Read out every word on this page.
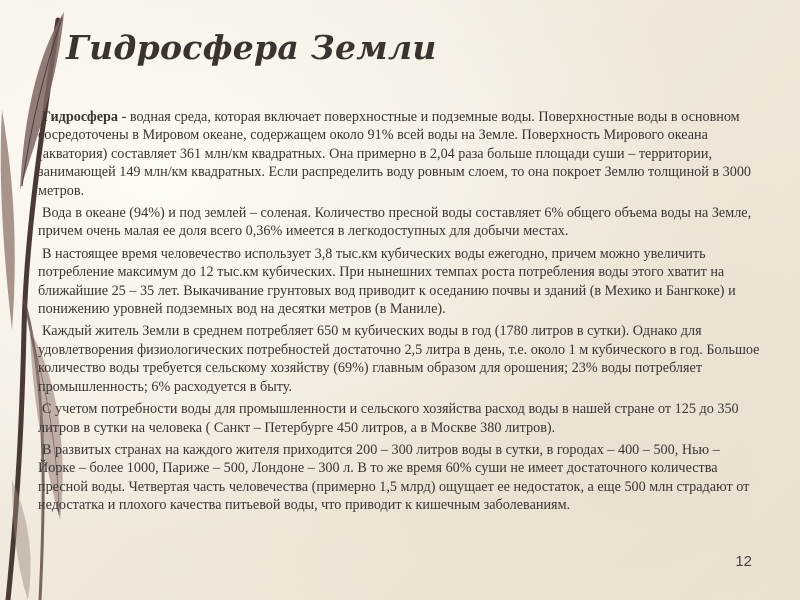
Гидросфера Земли

Гидросфера - водная среда, которая включает поверхностные и подземные воды. Поверхностные воды в основном сосредоточены в Мировом океане, содержащем около 91% всей воды на Земле. Поверхность Мирового океана (акватория) составляет 361 млн/км квадратных. Она примерно в 2,04 раза больше площади суши – территории, занимающей 149 млн/км квадратных. Если распределить воду ровным слоем, то она покроет Землю толщиной в 3000 метров.

Вода в океане (94%) и под землей – соленая. Количество пресной воды составляет 6% общего объема воды на Земле, причем очень малая ее доля всего 0,36% имеется в легкодоступных для добычи местах.

В настоящее время человечество использует 3,8 тыс.км кубических воды ежегодно, причем можно увеличить потребление максимум до 12 тыс.км кубических. При нынешних темпах роста потребления воды этого хватит на ближайшие 25 – 35 лет. Выкачивание грунтовых вод приводит к оседанию почвы и зданий (в Мехико и Бангкоке) и понижению уровней подземных вод на десятки метров (в Маниле).

Каждый житель Земли в среднем потребляет 650 м кубических воды в год (1780 литров в сутки). Однако для удовлетворения физиологических потребностей достаточно 2,5 литра в день, т.е. около 1 м кубического в год. Большое количество воды требуется сельскому хозяйству (69%) главным образом для орошения; 23% воды потребляет промышленность; 6% расходуется в быту.

С учетом потребности воды для промышленности и сельского хозяйства расход воды в нашей стране от 125 до 350 литров в сутки на человека ( Санкт – Петербурге 450 литров, а в Москве 380 литров).

В развитых странах на каждого жителя приходится 200 – 300 литров воды в сутки, в городах – 400 – 500, Нью – Йорке – более 1000, Париже – 500, Лондоне – 300 л. В то же время 60% суши не имеет достаточного количества пресной воды. Четвертая часть человечества (примерно 1,5 млрд) ощущает ее недостаток, а еще 500 млн страдают от недостатка и плохого качества питьевой воды, что приводит к кишечным заболеваниям.

12
